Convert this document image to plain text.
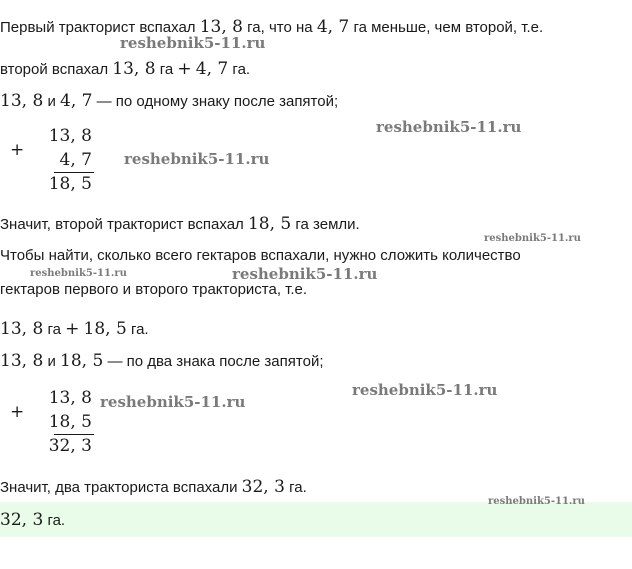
Первый тракторист вспахал 13, 8 га, что на 4, 7 га меньше, чем второй, т.е.
reshebnik5-11.ru
второй вспахал 13, 8 га + 4, 7 га.
13, 8 и 4, 7 — по одному знаку после запятой;
+
13, 8
4, 7
18, 5
reshebnik5-11.ru
reshebnik5-11.ru
Значит, второй тракторист вспахал 18, 5 га земли.
reshebnik5-11.ru
Чтобы найти, сколько всего гектаров вспахали, нужно сложить количество
reshebnik5-11.ru	reshebnik5-11.ru
гектаров первого и второго тракториста, т.е.
13, 8 га + 18, 5 га.
13, 8 и 18, 5 — по два знака после запятой;
+
13, 8
18, 5
32, 3
reshebnik5-11.ru
reshebnik5-11.ru
Значит, два тракториста вспахали 32, 3 га.
reshebnik5-11.ru
32, 3 га.
